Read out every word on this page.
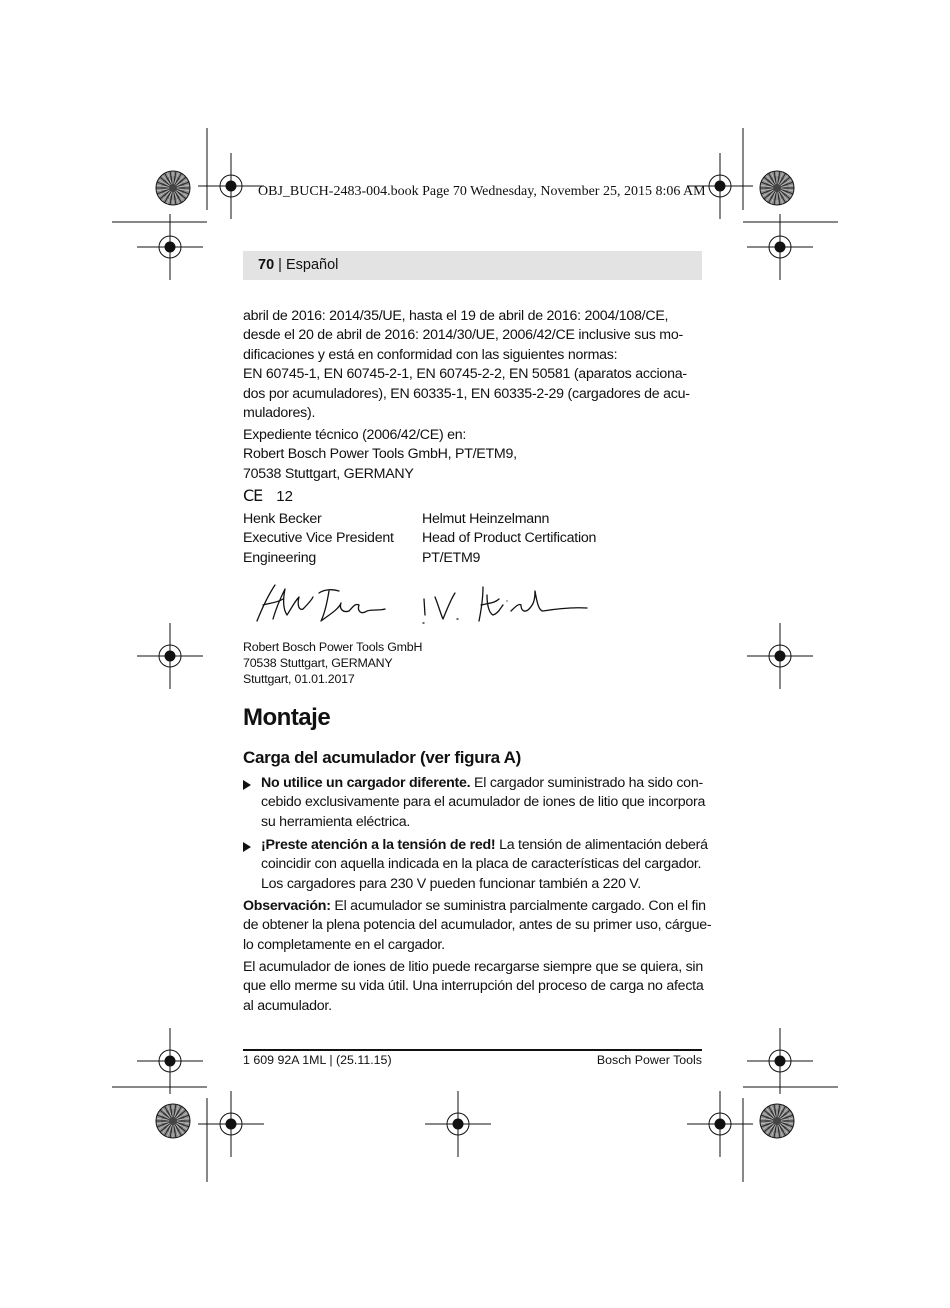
OBJ_BUCH-2483-004.book Page 70 Wednesday, November 25, 2015 8:06 AM
70 | Español
abril de 2016: 2014/35/UE, hasta el 19 de abril de 2016: 2004/108/CE,
desde el 20 de abril de 2016: 2014/30/UE, 2006/42/CE inclusive sus mo-
dificaciones y está en conformidad con las siguientes normas:
EN 60745-1, EN 60745-2-1, EN 60745-2-2, EN 50581 (aparatos acciona-
dos por acumuladores), EN 60335-1, EN 60335-2-29 (cargadores de acu-
muladores).
Expediente técnico (2006/42/CE) en:
Robert Bosch Power Tools GmbH, PT/ETM9,
70538 Stuttgart, GERMANY
CE 12
Henk Becker
Executive Vice President
Engineering
Helmut Heinzelmann
Head of Product Certification
PT/ETM9
Robert Bosch Power Tools GmbH
70538 Stuttgart, GERMANY
Stuttgart, 01.01.2017
Montaje
Carga del acumulador (ver figura A)
No utilice un cargador diferente. El cargador suministrado ha sido con-
cebido exclusivamente para el acumulador de iones de litio que incorpora
su herramienta eléctrica.
¡Preste atención a la tensión de red! La tensión de alimentación deberá
coincidir con aquella indicada en la placa de características del cargador.
Los cargadores para 230 V pueden funcionar también a 220 V.
Observación: El acumulador se suministra parcialmente cargado. Con el fin
de obtener la plena potencia del acumulador, antes de su primer uso, cárgue-
lo completamente en el cargador.
El acumulador de iones de litio puede recargarse siempre que se quiera, sin
que ello merme su vida útil. Una interrupción del proceso de carga no afecta
al acumulador.
1 609 92A 1ML | (25.11.15)	Bosch Power Tools
